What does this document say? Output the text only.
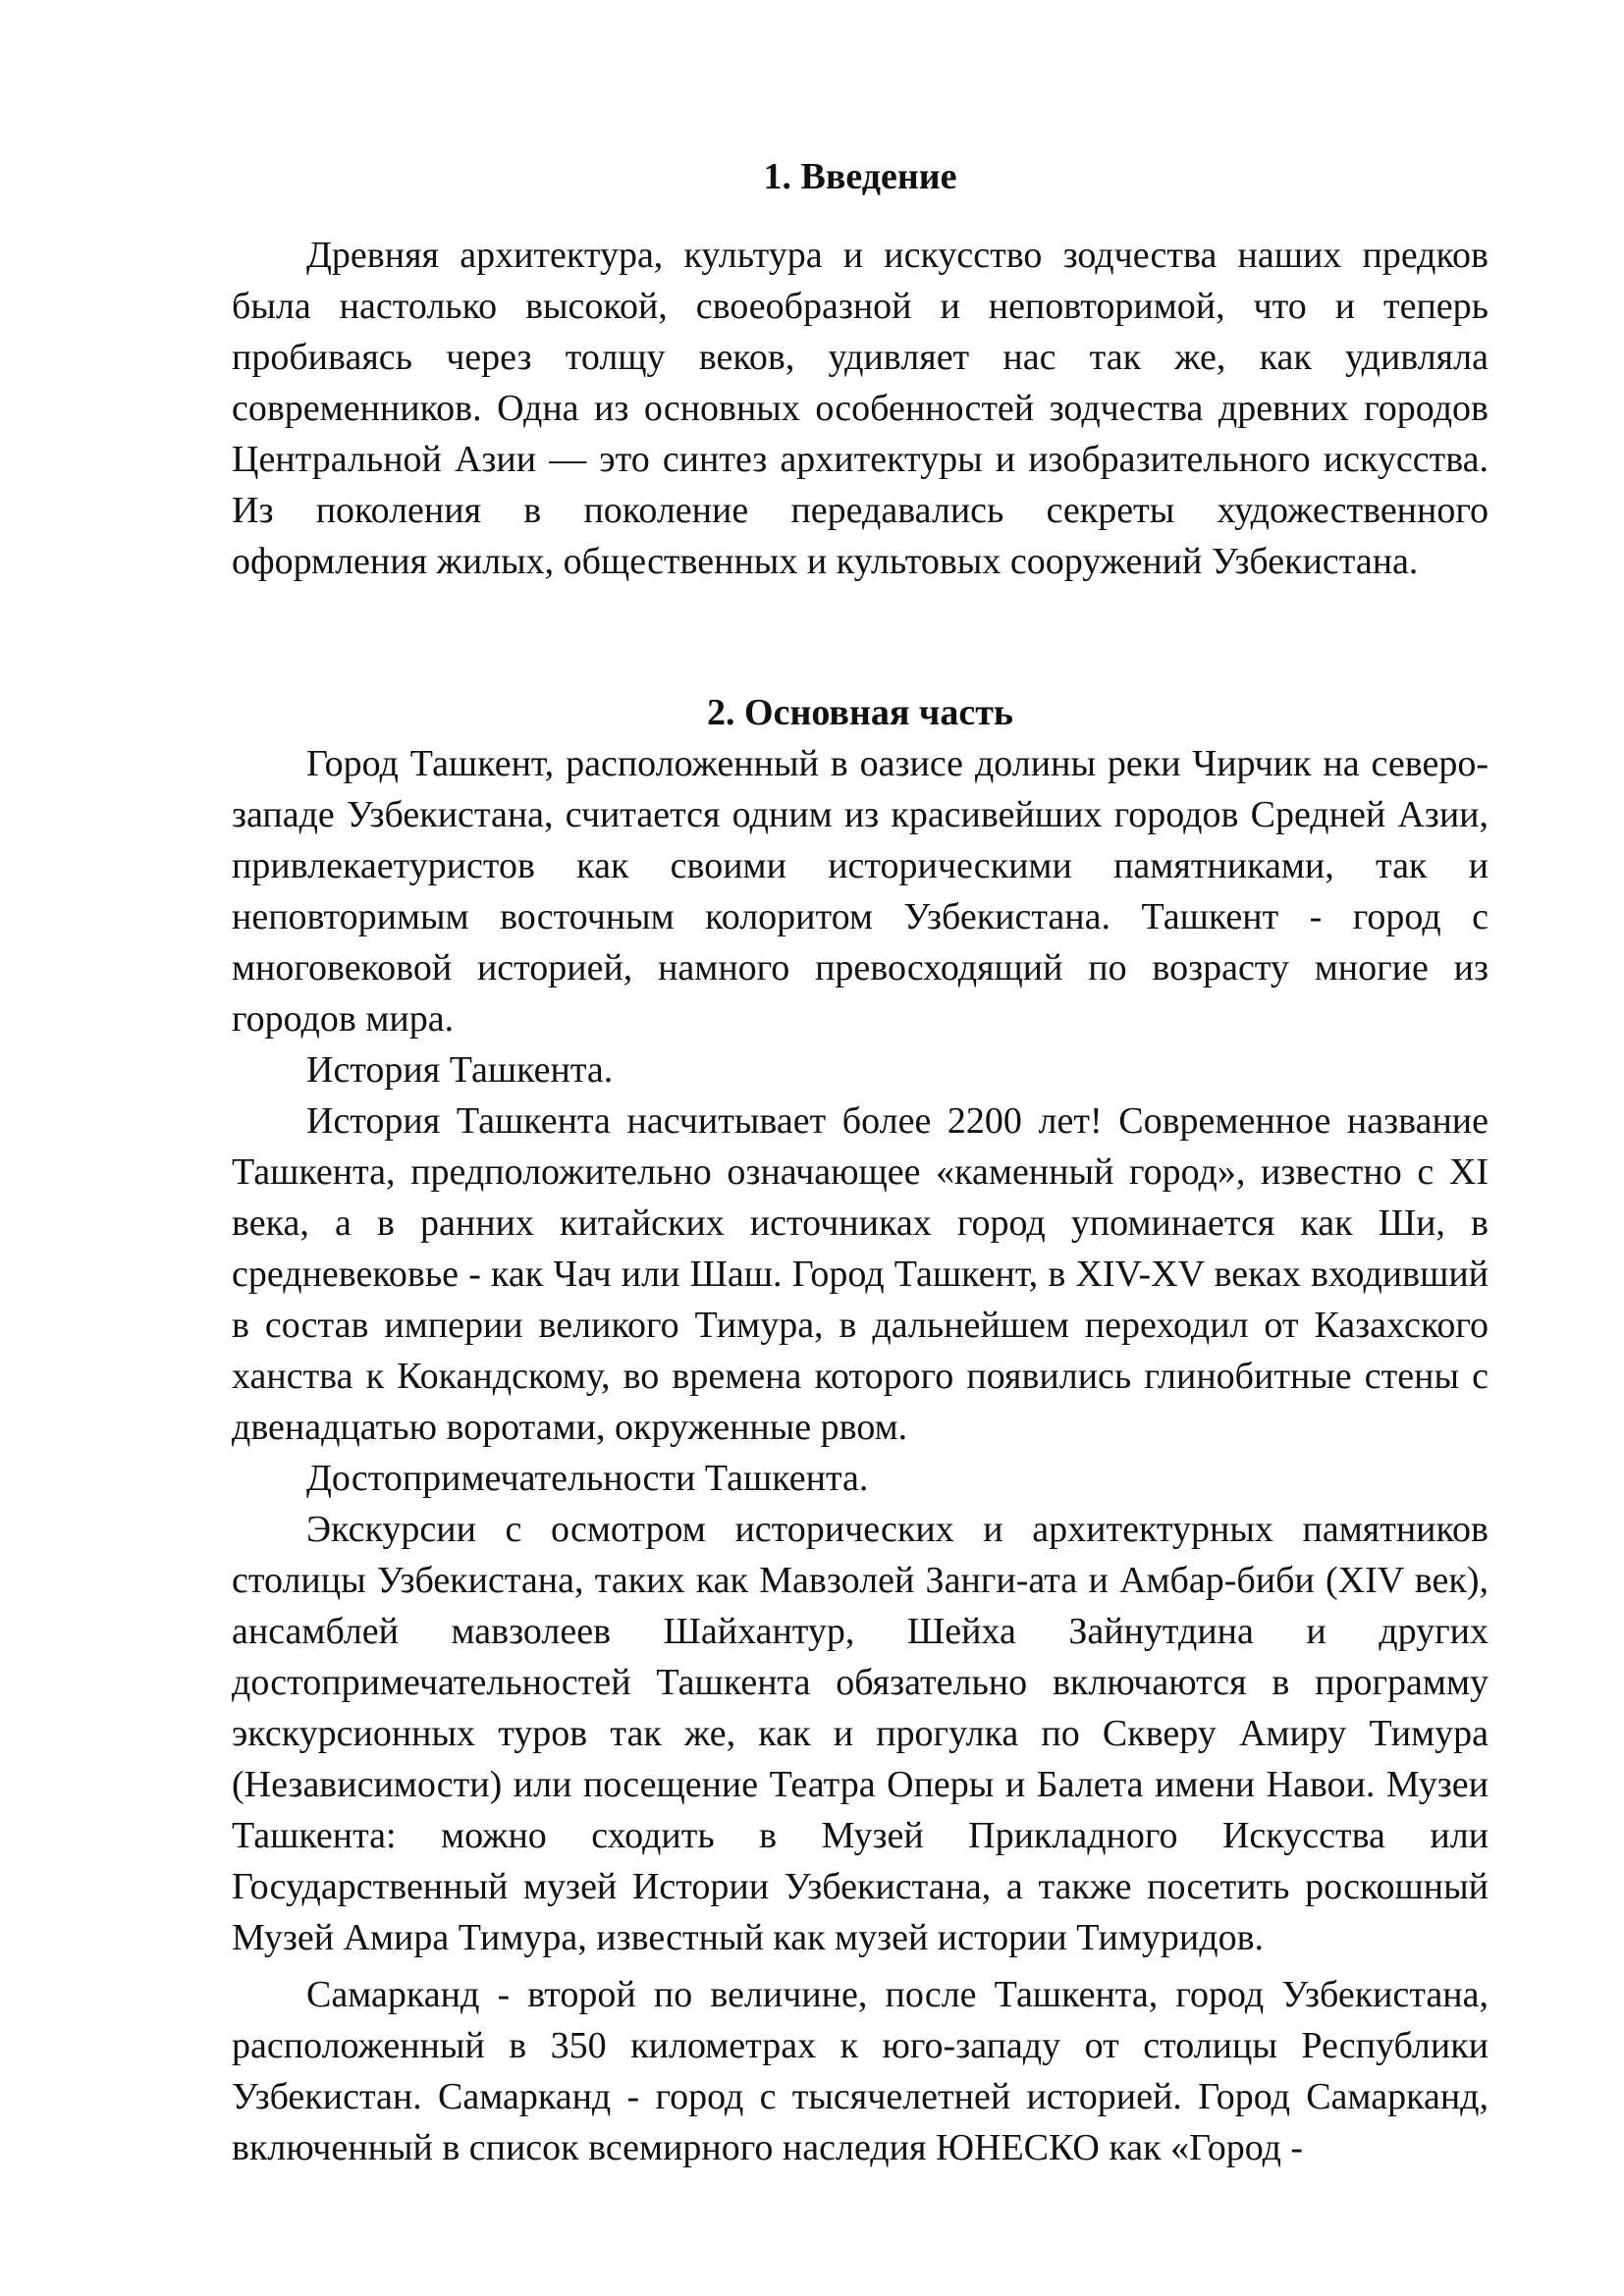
1. Введение

Древняя архитектура, культура и искусство зодчества наших предков была настолько высокой, своеобразной и неповторимой, что и теперь пробиваясь через толщу веков, удивляет нас так же, как удивляла современников. Одна из основных особенностей зодчества древних городов Центральной Азии — это синтез архитектуры и изобразительного искусства. Из поколения в поколение передавались секреты художественного оформления жилых, общественных и культовых сооружений Узбекистана.

2. Основная часть

Город Ташкент, расположенный в оазисе долины реки Чирчик на северо-западе Узбекистана, считается одним из красивейших городов Средней Азии, привлекаетуристов как своими историческими памятниками, так и неповторимым восточным колоритом Узбекистана. Ташкент - город с многовековой историей, намного превосходящий по возрасту многие из городов мира.

История Ташкента.

История Ташкента насчитывает более 2200 лет! Современное название Ташкента, предположительно означающее «каменный город», известно с XI века, а в ранних китайских источниках город упоминается как Ши, в средневековье - как Чач или Шаш. Город Ташкент, в XIV-XV веках входивший в состав империи великого Тимура, в дальнейшем переходил от Казахского ханства к Кокандскому, во времена которого появились глинобитные стены с двенадцатью воротами, окруженные рвом.

Достопримечательности Ташкента.

Экскурсии с осмотром исторических и архитектурных памятников столицы Узбекистана, таких как Мавзолей Занги-ата и Амбар-биби (XIV век), ансамблей мавзолеев Шайхантур, Шейха Зайнутдина и других достопримечательностей Ташкента обязательно включаются в программу экскурсионных туров так же, как и прогулка по Скверу Амиру Тимура (Независимости) или посещение Театра Оперы и Балета имени Навои. Музеи Ташкента: можно сходить в Музей Прикладного Искусства или Государственный музей Истории Узбекистана, а также посетить роскошный Музей Амира Тимура, известный как музей истории Тимуридов.

Самарканд - второй по величине, после Ташкента, город Узбекистана, расположенный в 350 километрах к юго-западу от столицы Республики Узбекистан. Самарканд - город с тысячелетней историей. Город Самарканд, включенный в список всемирного наследия ЮНЕСКО как «Город -
